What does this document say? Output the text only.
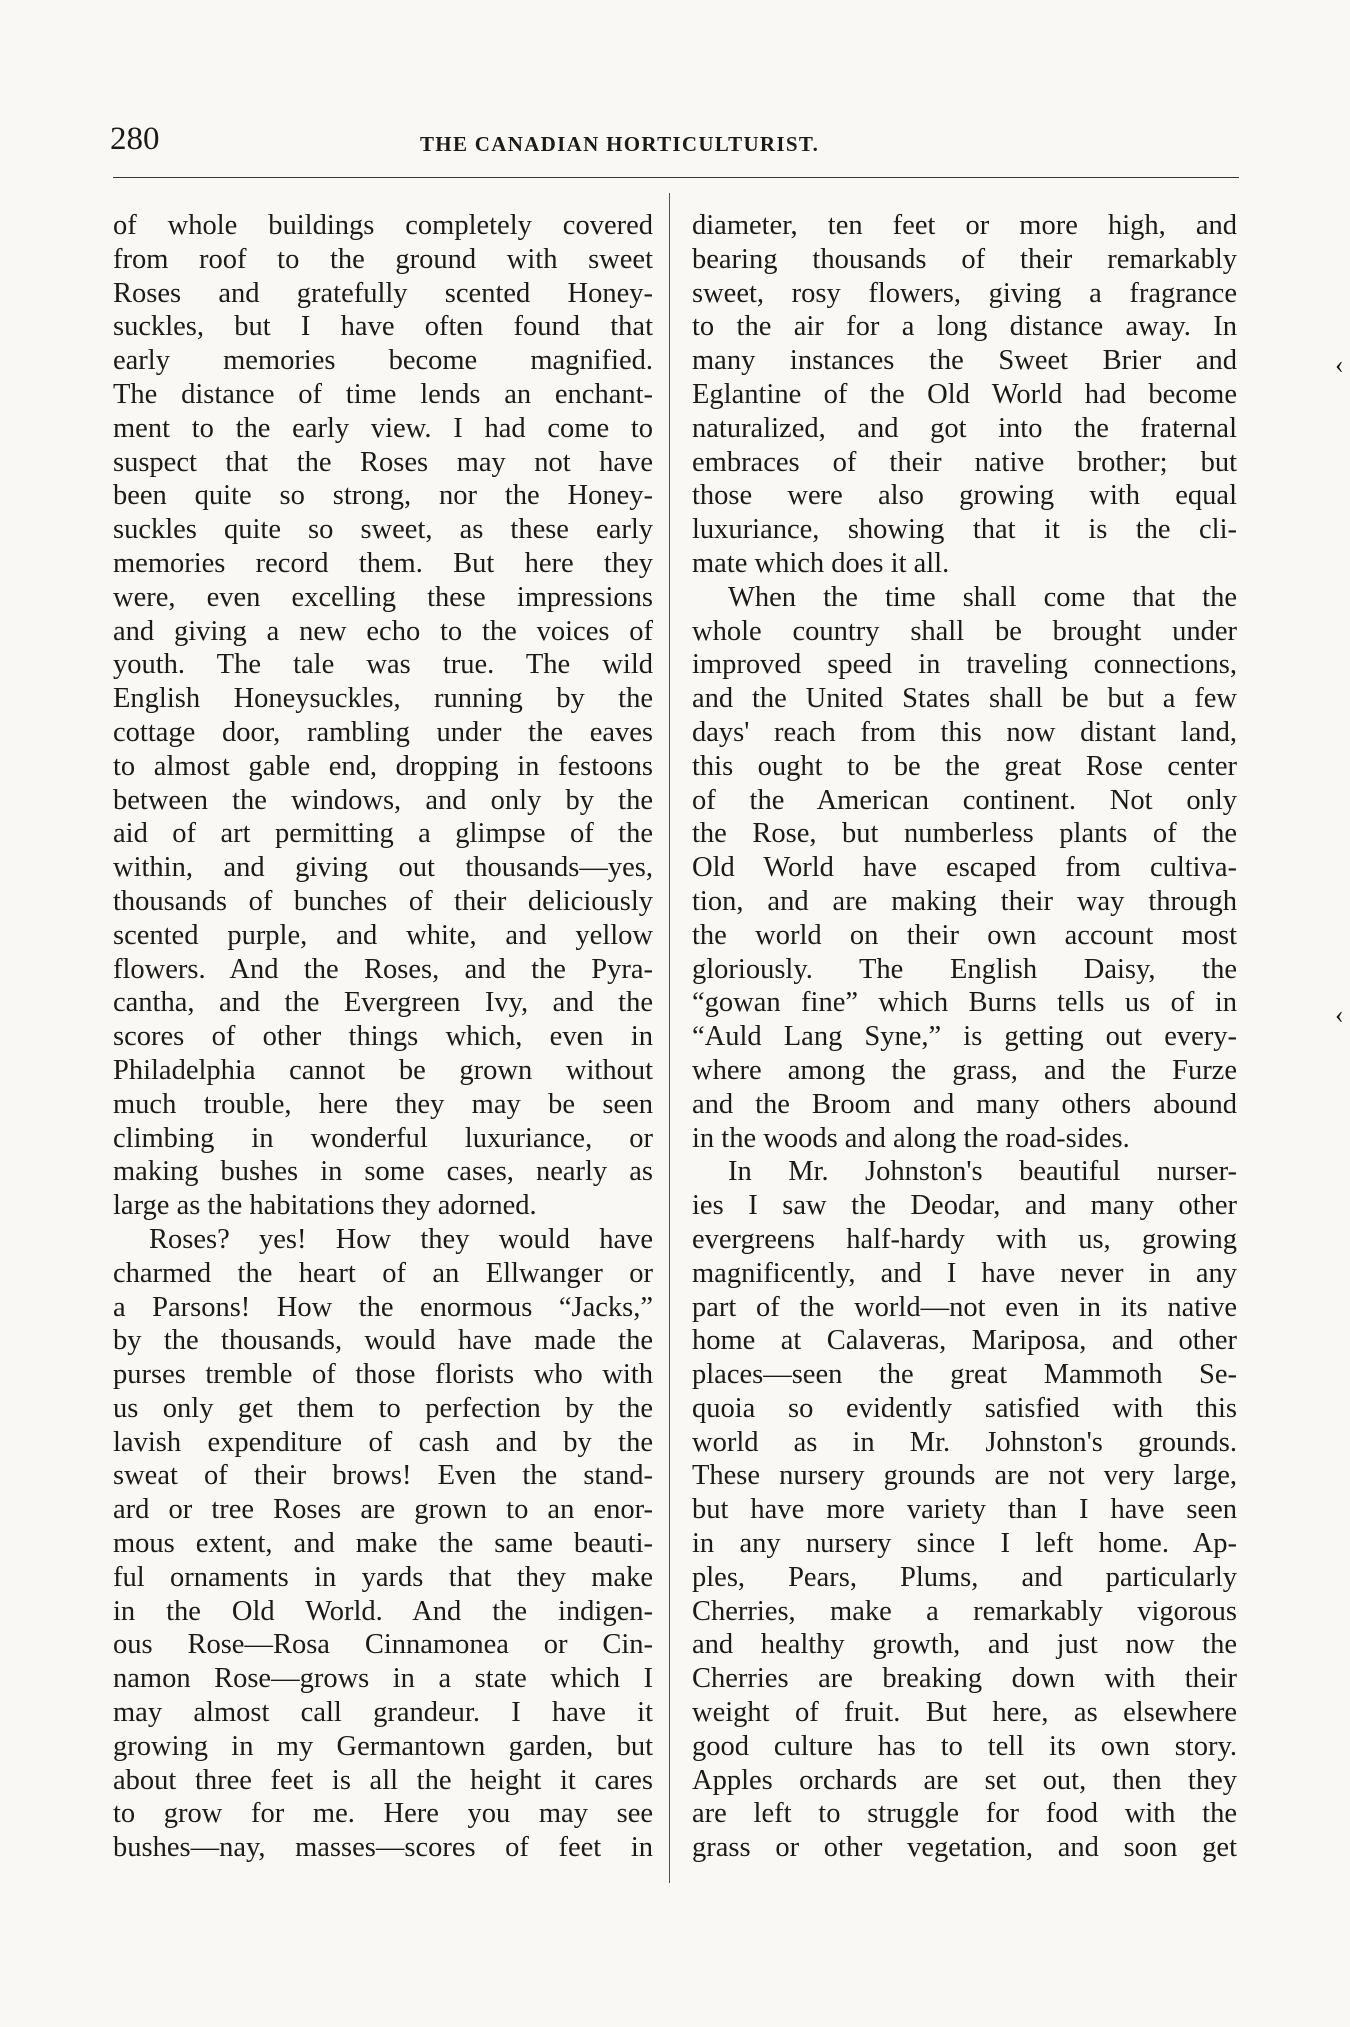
280	THE CANADIAN HORTICULTURIST.
of whole buildings completely covered
from roof to the ground with sweet
Roses and gratefully scented Honey-
suckles, but I have often found that
early memories become magnified.
The distance of time lends an enchant-
ment to the early view. I had come to
suspect that the Roses may not have
been quite so strong, nor the Honey-
suckles quite so sweet, as these early
memories record them. But here they
were, even excelling these impressions
and giving a new echo to the voices of
youth. The tale was true. The wild
English Honeysuckles, running by the
cottage door, rambling under the eaves
to almost gable end, dropping in festoons
between the windows, and only by the
aid of art permitting a glimpse of the
within, and giving out thousands—yes,
thousands of bunches of their deliciously
scented purple, and white, and yellow
flowers. And the Roses, and the Pyra-
cantha, and the Evergreen Ivy, and the
scores of other things which, even in
Philadelphia cannot be grown without
much trouble, here they may be seen
climbing in wonderful luxuriance, or
making bushes in some cases, nearly as
large as the habitations they adorned.
Roses? yes! How they would have
charmed the heart of an Ellwanger or
a Parsons! How the enormous “Jacks,”
by the thousands, would have made the
purses tremble of those florists who with
us only get them to perfection by the
lavish expenditure of cash and by the
sweat of their brows! Even the stand-
ard or tree Roses are grown to an enor-
mous extent, and make the same beauti-
ful ornaments in yards that they make
in the Old World. And the indigen-
ous Rose—Rosa Cinnamonea or Cin-
namon Rose—grows in a state which I
may almost call grandeur. I have it
growing in my Germantown garden, but
about three feet is all the height it cares
to grow for me. Here you may see
bushes—nay, masses—scores of feet in
diameter, ten feet or more high, and
bearing thousands of their remarkably
sweet, rosy flowers, giving a fragrance
to the air for a long distance away. In
many instances the Sweet Brier and
Eglantine of the Old World had become
naturalized, and got into the fraternal
embraces of their native brother; but
those were also growing with equal
luxuriance, showing that it is the cli-
mate which does it all.
When the time shall come that the
whole country shall be brought under
improved speed in traveling connections,
and the United States shall be but a few
days' reach from this now distant land,
this ought to be the great Rose center
of the American continent. Not only
the Rose, but numberless plants of the
Old World have escaped from cultiva-
tion, and are making their way through
the world on their own account most
gloriously. The English Daisy, the
“gowan fine” which Burns tells us of in
“Auld Lang Syne,” is getting out every-
where among the grass, and the Furze
and the Broom and many others abound
in the woods and along the road-sides.
In Mr. Johnston's beautiful nurser-
ies I saw the Deodar, and many other
evergreens half-hardy with us, growing
magnificently, and I have never in any
part of the world—not even in its native
home at Calaveras, Mariposa, and other
places—seen the great Mammoth Se-
quoia so evidently satisfied with this
world as in Mr. Johnston's grounds.
These nursery grounds are not very large,
but have more variety than I have seen
in any nursery since I left home. Ap-
ples, Pears, Plums, and particularly
Cherries, make a remarkably vigorous
and healthy growth, and just now the
Cherries are breaking down with their
weight of fruit. But here, as elsewhere
good culture has to tell its own story.
Apples orchards are set out, then they
are left to struggle for food with the
grass or other vegetation, and soon get
‹
‹
